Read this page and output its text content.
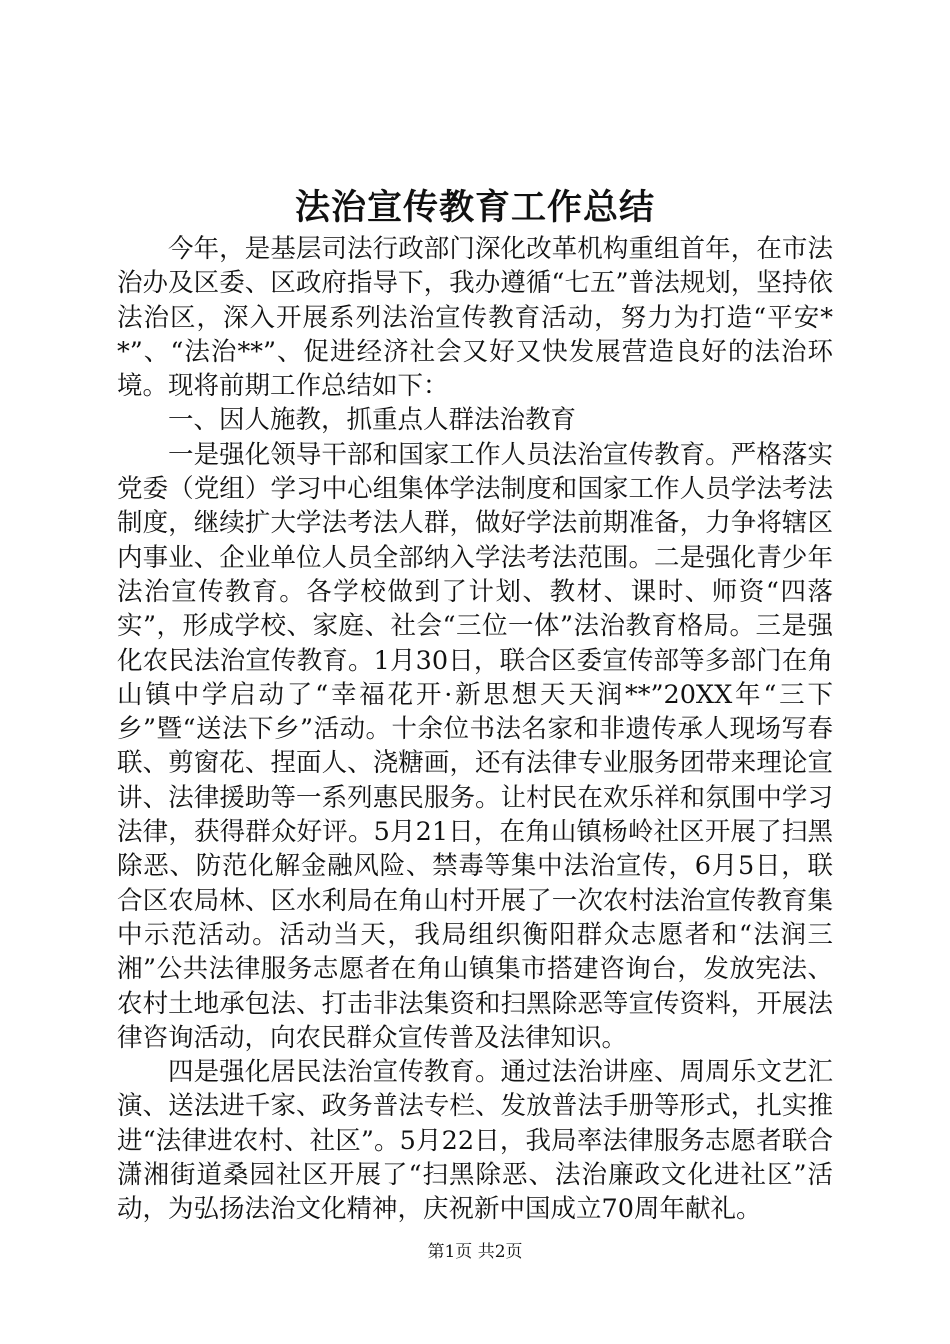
法治宣传教育工作总结

今年，是基层司法行政部门深化改革机构重组首年，在市法治办及区委、区政府指导下，我办遵循“七五”普法规划，坚持依法治区，深入开展系列法治宣传教育活动，努力为打造“平安**”、“法治**”、促进经济社会又好又快发展营造良好的法治环境。现将前期工作总结如下：

一、因人施教，抓重点人群法治教育

一是强化领导干部和国家工作人员法治宣传教育。严格落实党委（党组）学习中心组集体学法制度和国家工作人员学法考法制度，继续扩大学法考法人群，做好学法前期准备，力争将辖区内事业、企业单位人员全部纳入学法考法范围。二是强化青少年法治宣传教育。各学校做到了计划、教材、课时、师资“四落实”，形成学校、家庭、社会“三位一体”法治教育格局。三是强化农民法治宣传教育。1月30日，联合区委宣传部等多部门在角山镇中学启动了“幸福花开·新思想天天润**”20XX年“三下乡”暨“送法下乡”活动。十余位书法名家和非遗传承人现场写春联、剪窗花、捏面人、浇糖画，还有法律专业服务团带来理论宣讲、法律援助等一系列惠民服务。让村民在欢乐祥和氛围中学习法律，获得群众好评。5月21日，在角山镇杨岭社区开展了扫黑除恶、防范化解金融风险、禁毒等集中法治宣传，6月5日，联合区农局林、区水利局在角山村开展了一次农村法治宣传教育集中示范活动。活动当天，我局组织衡阳群众志愿者和“法润三湘”公共法律服务志愿者在角山镇集市搭建咨询台，发放宪法、农村土地承包法、打击非法集资和扫黑除恶等宣传资料，开展法律咨询活动，向农民群众宣传普及法律知识。

四是强化居民法治宣传教育。通过法治讲座、周周乐文艺汇演、送法进千家、政务普法专栏、发放普法手册等形式，扎实推进“法律进农村、社区”。5月22日，我局率法律服务志愿者联合潇湘街道桑园社区开展了“扫黑除恶、法治廉政文化进社区”活动，为弘扬法治文化精神，庆祝新中国成立70周年献礼。

第1页 共2页
